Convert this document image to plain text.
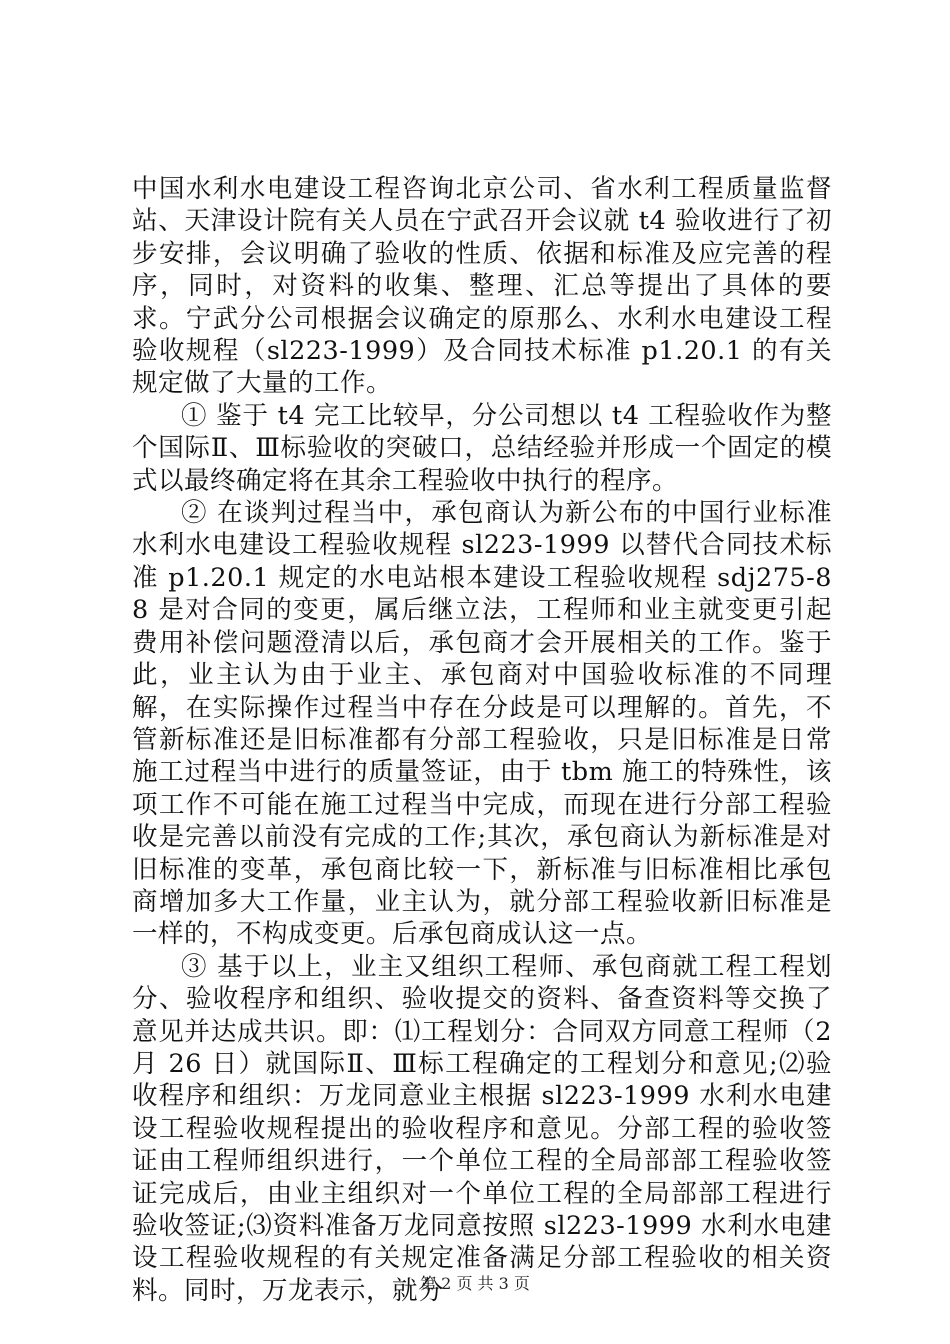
中国水利水电建设工程咨询北京公司、省水利工程质量监督站、天津设计院有关人员在宁武召开会议就 t4 验收进行了初步安排，会议明确了验收的性质、依据和标准及应完善的程序，同时，对资料的收集、整理、汇总等提出了具体的要求。宁武分公司根据会议确定的原那么、水利水电建设工程验收规程（sl223-1999）及合同技术标准 p1.20.1 的有关规定做了大量的工作。

① 鉴于 t4 完工比较早，分公司想以 t4 工程验收作为整个国际Ⅱ、Ⅲ标验收的突破口，总结经验并形成一个固定的模式以最终确定将在其余工程验收中执行的程序。

② 在谈判过程当中，承包商认为新公布的中国行业标准水利水电建设工程验收规程 sl223-1999 以替代合同技术标准 p1.20.1 规定的水电站根本建设工程验收规程 sdj275-88 是对合同的变更，属后继立法，工程师和业主就变更引起费用补偿问题澄清以后，承包商才会开展相关的工作。鉴于此，业主认为由于业主、承包商对中国验收标准的不同理解，在实际操作过程当中存在分歧是可以理解的。首先，不管新标准还是旧标准都有分部工程验收，只是旧标准是日常施工过程当中进行的质量签证，由于 tbm 施工的特殊性，该项工作不可能在施工过程当中完成，而现在进行分部工程验收是完善以前没有完成的工作;其次，承包商认为新标准是对旧标准的变革，承包商比较一下，新标准与旧标准相比承包商增加多大工作量，业主认为，就分部工程验收新旧标准是一样的，不构成变更。后承包商成认这一点。

③ 基于以上，业主又组织工程师、承包商就工程工程划分、验收程序和组织、验收提交的资料、备查资料等交换了意见并达成共识。即：⑴工程划分：合同双方同意工程师（2 月 26 日）就国际Ⅱ、Ⅲ标工程确定的工程划分和意见;⑵验收程序和组织：万龙同意业主根据 sl223-1999 水利水电建设工程验收规程提出的验收程序和意见。分部工程的验收签证由工程师组织进行，一个单位工程的全局部部工程验收签证完成后，由业主组织对一个单位工程的全局部部工程进行验收签证;⑶资料准备万龙同意按照 sl223-1999 水利水电建设工程验收规程的有关规定准备满足分部工程验收的相关资料。同时，万龙表示，就分

第 2 页 共 3 页
